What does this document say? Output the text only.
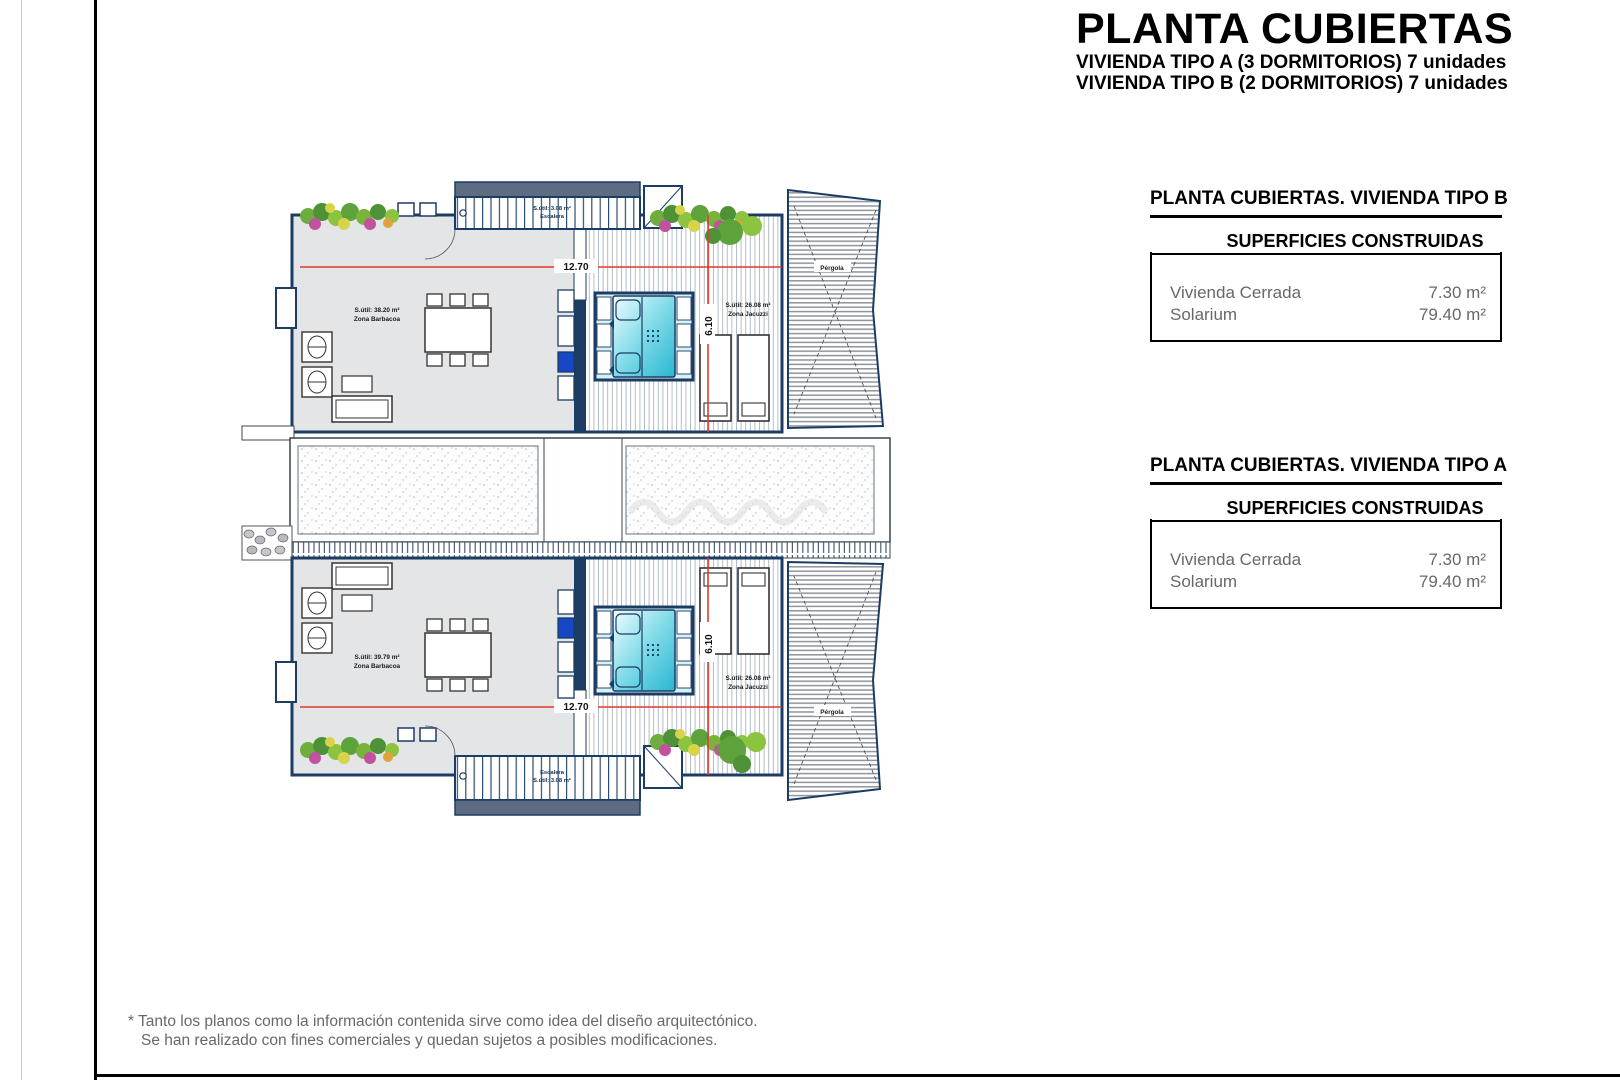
PLANTA CUBIERTAS
VIVIENDA TIPO A (3 DORMITORIOS) 7 unidades
VIVIENDA TIPO B (2 DORMITORIOS) 7 unidades
S.útil: 3.08 m²
Escalera
Pérgola
12.70
6.10
S.útil: 38.20 m²
Zona Barbacoa
S.útil: 26.08 m²
Zona Jacuzzi
Escalera
S.útil: 3.08 m²
Pérgola
12.70
6.10
S.útil: 39.79 m²
Zona Barbacoa
S.útil: 26.08 m²
Zona Jacuzzi
PLANTA CUBIERTAS. VIVIENDA TIPO B
SUPERFICIES CONSTRUIDAS
Vivienda Cerrada	7.30 m²
Solarium	79.40 m²
PLANTA CUBIERTAS. VIVIENDA TIPO A
SUPERFICIES CONSTRUIDAS
Vivienda Cerrada	7.30 m²
Solarium	79.40 m²
* Tanto los planos como la información contenida sirve como idea del diseño arquitectónico.
Se han realizado con fines comerciales y quedan sujetos a posibles modificaciones.
